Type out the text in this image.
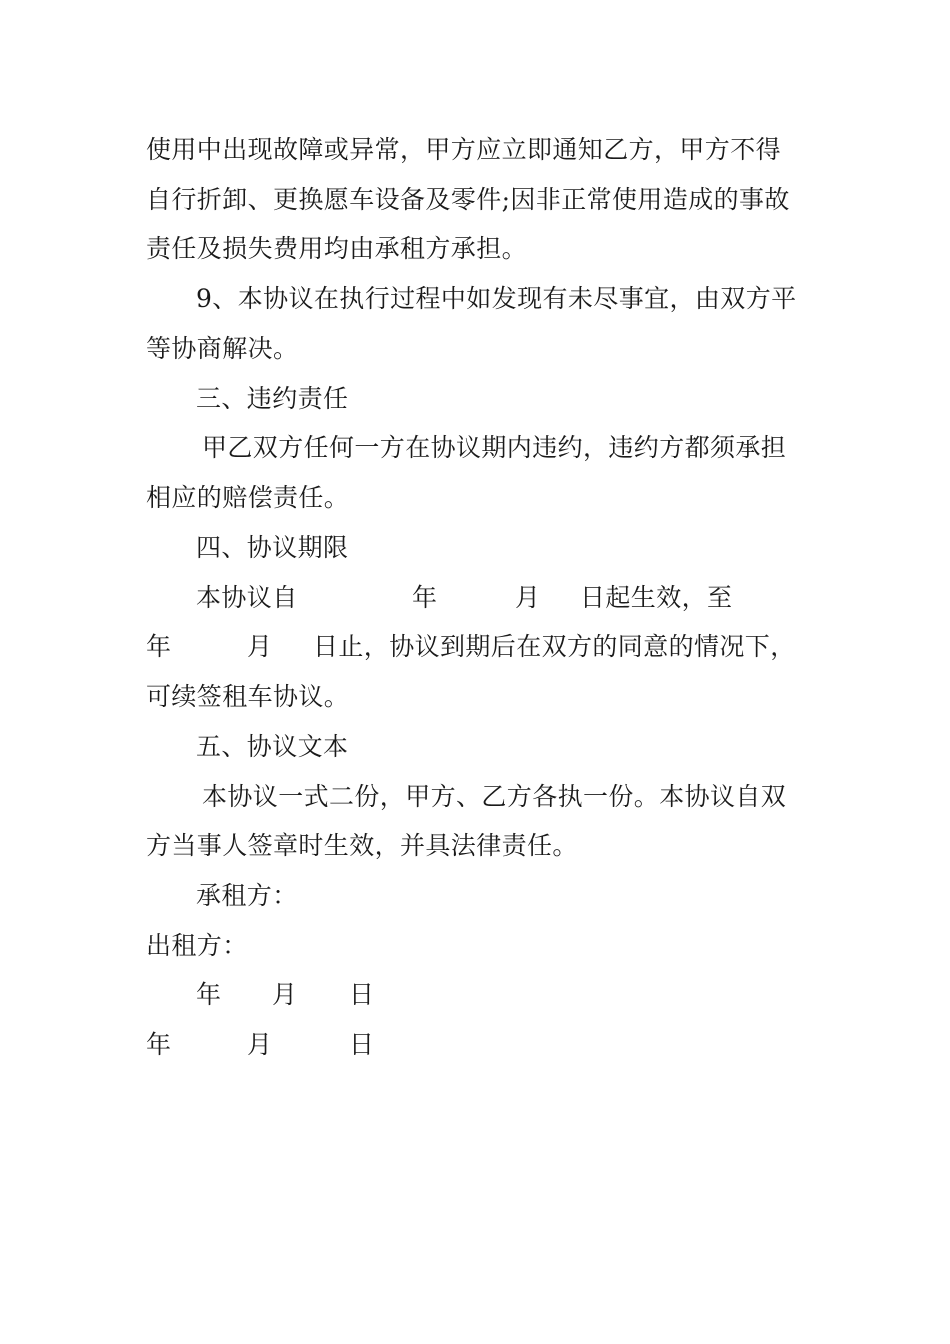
使用中出现故障或异常，甲方应立即通知乙方，甲方不得
自行折卸、更换愿车设备及零件;因非正常使用造成的事故
责任及损失费用均由承租方承担。
9、本协议在执行过程中如发现有未尽事宜，由双方平
等协商解决。
三、违约责任
甲乙双方任何一方在协议期内违约，违约方都须承担
相应的赔偿责任。
四、协议期限
本协议自	年	月 日起生效，至
年	月 日止，协议到期后在双方的同意的情况下，
可续签租车协议。
五、协议文本
本协议一式二份，甲方、乙方各执一份。本协议自双
方当事人签章时生效，并具法律责任。
承租方：
出租方：
年 月 日
年	月	日
